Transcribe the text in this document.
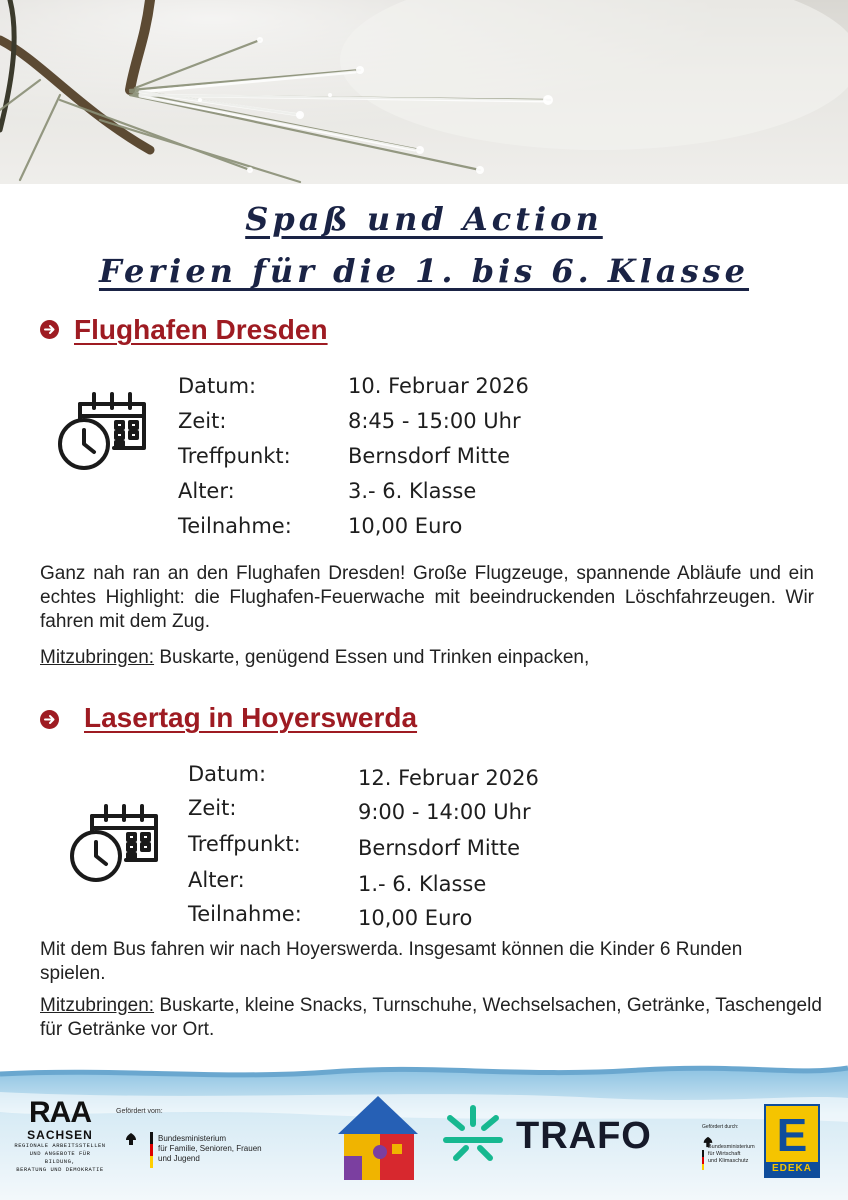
Spaß und Action
Ferien für die 1. bis 6. Klasse
Flughafen Dresden
Datum:	10. Februar 2026
Zeit:	8:45 - 15:00 Uhr
Treffpunkt:	Bernsdorf Mitte
Alter:	3.- 6. Klasse
Teilnahme:	10,00 Euro
Ganz nah ran an den Flughafen Dresden! Große Flugzeuge, spannende Abläufe und ein echtes Highlight: die Flughafen-Feuerwache mit beeindruckenden Löschfahrzeugen. Wir fahren mit dem Zug.
Mitzubringen: Buskarte, genügend Essen und Trinken einpacken,
Lasertag in Hoyerswerda
Datum:	12. Februar 2026
Zeit:	9:00 - 14:00 Uhr
Treffpunkt:	Bernsdorf Mitte
Alter:	1.- 6. Klasse
Teilnahme:	10,00 Euro
Mit dem Bus fahren wir nach Hoyerswerda. Insgesamt können die Kinder 6 Runden spielen.
Mitzubringen: Buskarte, kleine Snacks, Turnschuhe, Wechselsachen, Getränke, Taschengeld für Getränke vor Ort.
RAA
SACHSEN
REGIONALE ARBEITSSTELLEN
UND ANGEBOTE FÜR BILDUNG,
BERATUNG UND DEMOKRATIE
Gefördert vom:
Bundesministerium
für Familie, Senioren, Frauen
und Jugend
TRAFO	Gefördert durch:
Bundesministerium
für Wirtschaft
und Klimaschutz E
EDEKA
